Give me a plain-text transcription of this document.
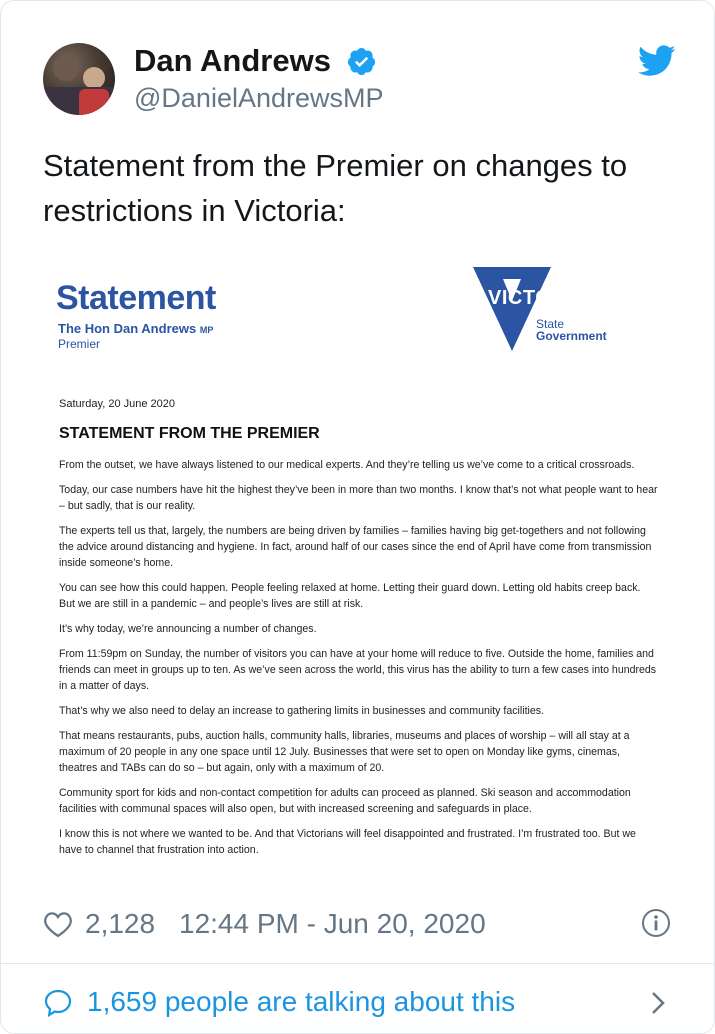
Dan Andrews
@DanielAndrewsMP
Statement from the Premier on changes to restrictions in Victoria:
Statement
The Hon Dan Andrews MP
Premier
VICTORIA
State
Government
Saturday, 20 June 2020
STATEMENT FROM THE PREMIER

From the outset, we have always listened to our medical experts. And they’re telling us we’ve come to a critical crossroads.

Today, our case numbers have hit the highest they’ve been in more than two months. I know that’s not what people want to hear – but sadly, that is our reality.

The experts tell us that, largely, the numbers are being driven by families – families having big get-togethers and not following the advice around distancing and hygiene. In fact, around half of our cases since the end of April have come from transmission inside someone’s home.

You can see how this could happen. People feeling relaxed at home. Letting their guard down. Letting old habits creep back. But we are still in a pandemic – and people’s lives are still at risk.

It’s why today, we’re announcing a number of changes.

From 11:59pm on Sunday, the number of visitors you can have at your home will reduce to five. Outside the home, families and friends can meet in groups up to ten. As we’ve seen across the world, this virus has the ability to turn a few cases into hundreds in a matter of days.

That’s why we also need to delay an increase to gathering limits in businesses and community facilities.

That means restaurants, pubs, auction halls, community halls, libraries, museums and places of worship – will all stay at a maximum of 20 people in any one space until 12 July. Businesses that were set to open on Monday like gyms, cinemas, theatres and TABs can do so – but again, only with a maximum of 20.

Community sport for kids and non-contact competition for adults can proceed as planned. Ski season and accommodation facilities with communal spaces will also open, but with increased screening and safeguards in place.

I know this is not where we wanted to be. And that Victorians will feel disappointed and frustrated. I’m frustrated too. But we have to channel that frustration into action.

2,128 12:44 PM - Jun 20, 2020
1,659 people are talking about this
